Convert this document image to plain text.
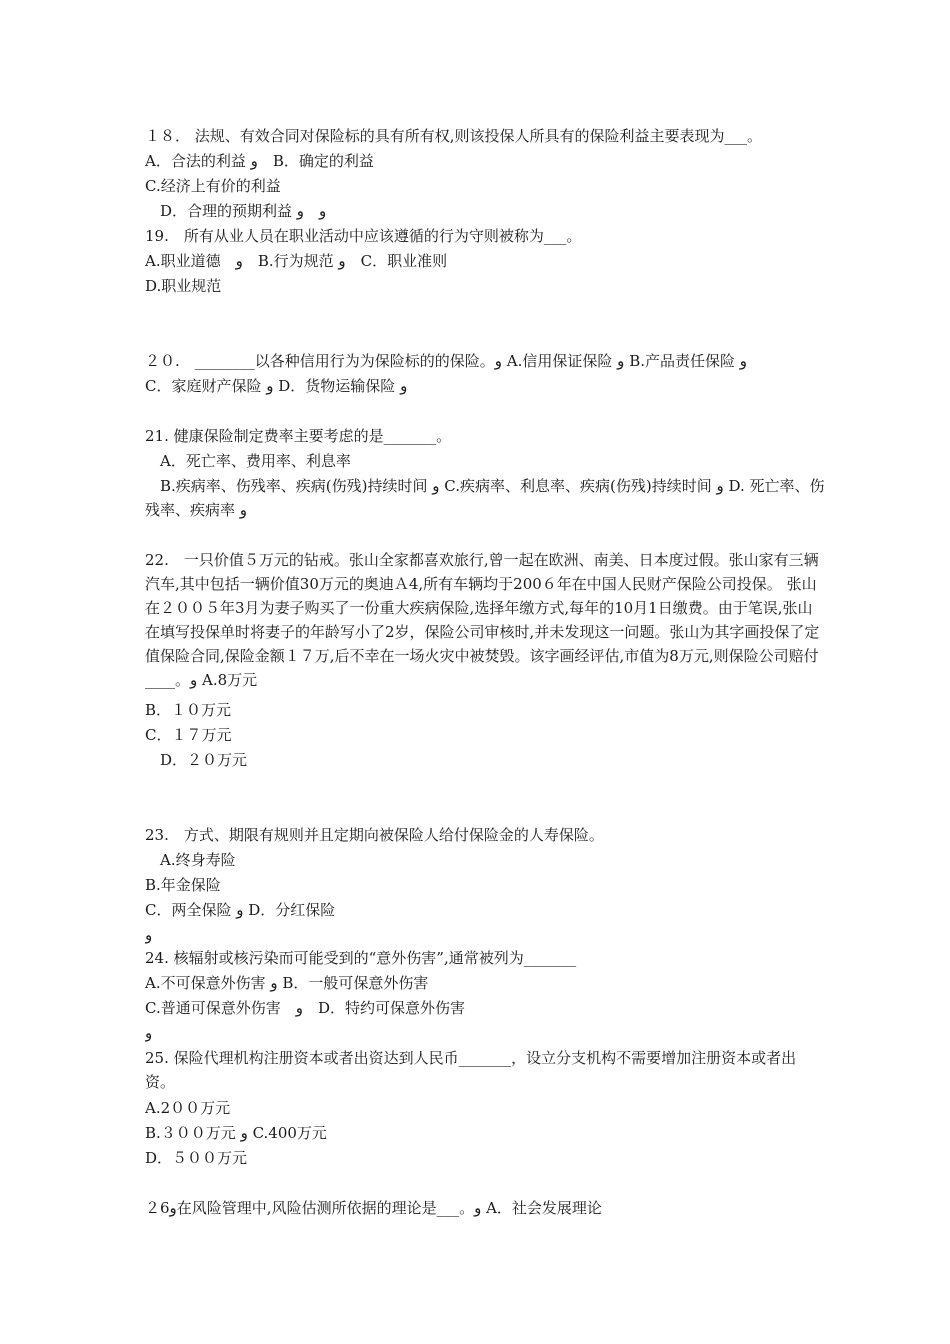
１８． 法规、有效合同对保险标的具有所有权,则该投保人所具有的保险利益主要表现为___。
A．合法的利益 و　B．确定的利益
C.经济上有价的利益
　D．合理的预期利益 و　و
19.　所有从业人员在职业活动中应该遵循的行为守则被称为___。
A.职业道德　و　B.行为规范 و　C．职业准则
D.职业规范
２０.　________以各种信用行为为保险标的的保险。و A.信用保证保险 و B.产品责任保险 و
C．家庭财产保险 و D．货物运输保险 و
21. 健康保险制定费率主要考虑的是_______。
　A．死亡率、费用率、利息率
　B.疾病率、伤残率、疾病(伤残)持续时间 و C.疾病率、利息率、疾病(伤残)持续时间 و D. 死亡率、伤残率、疾病率 و
22.　一只价值５万元的钻戒。张山全家都喜欢旅行,曾一起在欧洲、南美、日本度过假。张山家有三辆汽车,其中包括一辆价值30万元的奥迪Ａ4,所有车辆均于200６年在中国人民财产保险公司投保。 张山在２００５年3月为妻子购买了一份重大疾病保险,选择年缴方式,每年的10月1日缴费。由于笔误,张山在填写投保单时将妻子的年龄写小了2岁，保险公司审核时,并未发现这一问题。张山为其字画投保了定值保险合同,保险金额１７万,后不幸在一场火灾中被焚毁。该字画经评估,市值为8万元,则保险公司赔付____。و A.8万元
B．１０万元
C．１７万元
　D．２０万元
23.　方式、期限有规则并且定期向被保险人给付保险金的人寿保险。
　A.终身寿险
B.年金保险
C．两全保险 و D．分红保险
و
24. 核辐射或核污染而可能受到的“意外伤害”,通常被列为_______
A.不可保意外伤害 و B．一般可保意外伤害
C.普通可保意外伤害　و　D．特约可保意外伤害
و
25. 保险代理机构注册资本或者出资达到人民币_______，设立分支机构不需要增加注册资本或者出资。
A.2００万元
B.３００万元 و C.400万元
D．５００万元
２6و在风险管理中,风险估测所依据的理论是___。و A．社会发展理论
